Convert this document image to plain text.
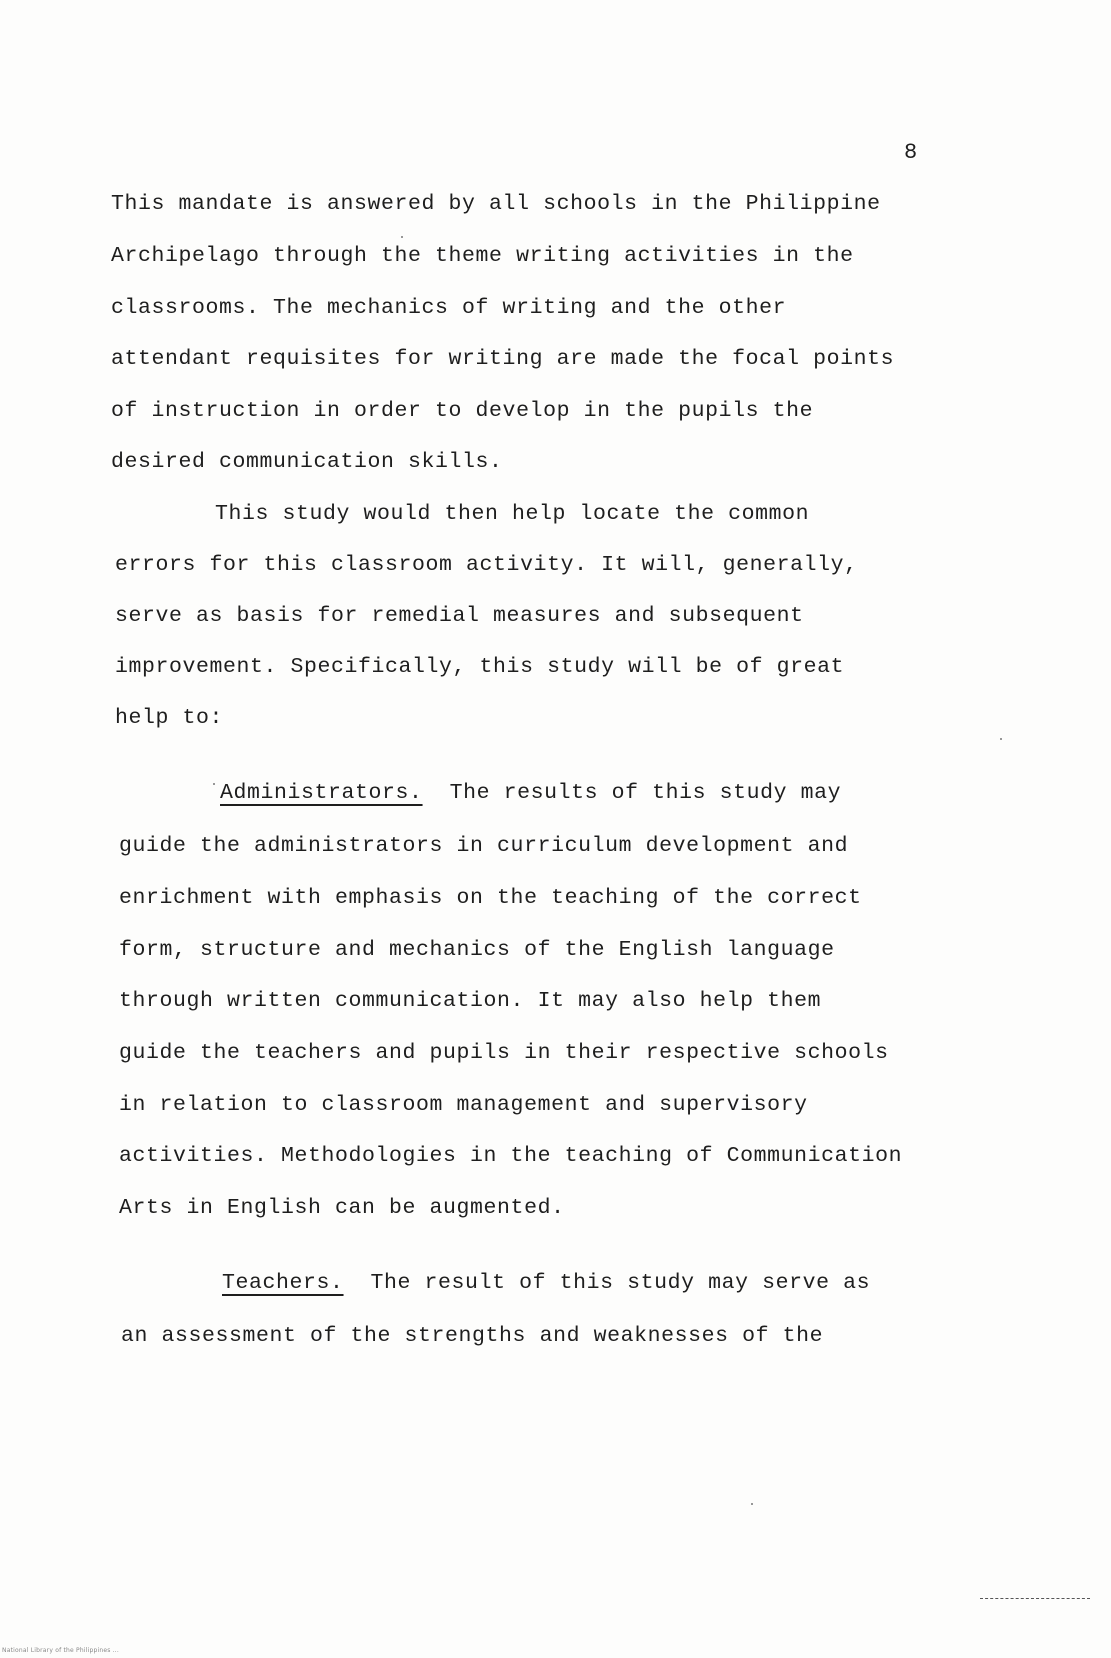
8
This mandate is answered by all schools in the Philippine
Archipelago through the theme writing activities in the
classrooms. The mechanics of writing and the other
attendant requisites for writing are made the focal points
of instruction in order to develop in the pupils the
desired communication skills.
This study would then help locate the common
errors for this classroom activity. It will, generally,
serve as basis for remedial measures and subsequent
improvement. Specifically, this study will be of great
help to:
Administrators. The results of this study may
guide the administrators in curriculum development and
enrichment with emphasis on the teaching of the correct
form, structure and mechanics of the English language
through written communication. It may also help them
guide the teachers and pupils in their respective schools
in relation to classroom management and supervisory
activities. Methodologies in the teaching of Communication
Arts in English can be augmented.
Teachers. The result of this study may serve as
an assessment of the strengths and weaknesses of the
National Library of the Philippines ...
